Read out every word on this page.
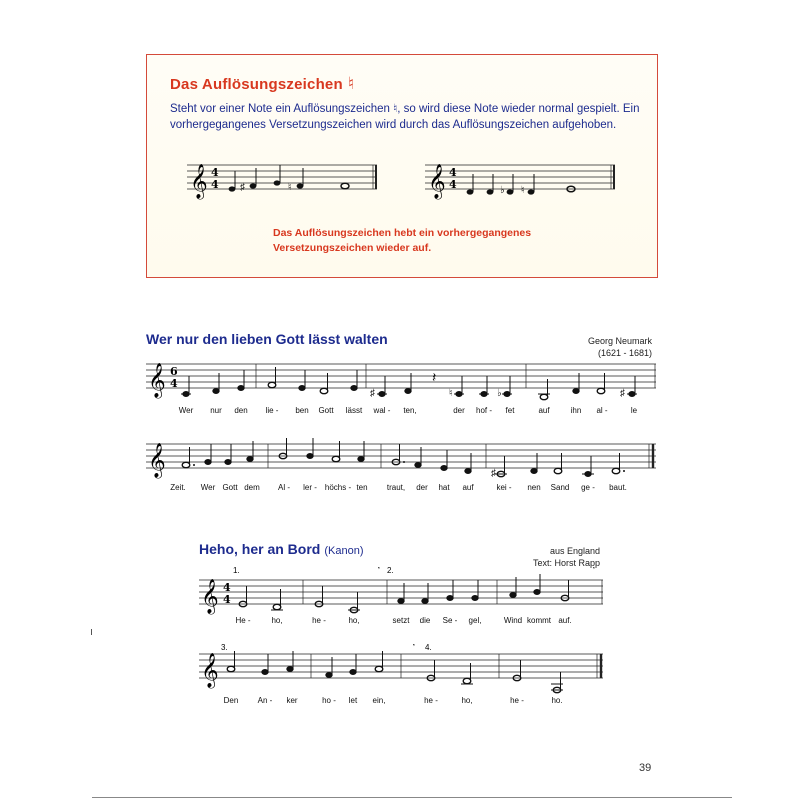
Das Auflösungszeichen ♮
Steht vor einer Note ein Auflösungszeichen ♮, so wird diese Note wieder normal gespielt. Ein vorhergegangenes Versetzungszeichen wird durch das Auflösungszeichen aufgehoben.
𝄞 4
4 ♯	♮	𝄞 4
4	♭ ♮
Das Auflösungszeichen hebt ein vorhergegangenes Versetzungszeichen wieder auf.
Wer nur den lieben Gott lässt walten	Georg Neumark
(1621 - 1681)
𝄞 6
4
♯
𝄽
♮	♭	♯
Wer nur den lie - ben Gott lässt wal - ten,	der hof - fet	auf	ihn al -	le
𝄞	♯
Zeit. Wer Gott dem Al - ler - höchs - ten traut, der hat auf	kei - nen Sand ge - baut.
Heho, her an Bord (Kanon)	aus England
Text: Horst Rapp
𝄞 4
4
1.	2.
𝄒	𝄒
He -	ho,	he -	ho,	setzt die Se - gel,	Wind kommt auf.
𝄞
3.	4.
𝄒
Den An - ker	ho - let ein,	he -	ho,	he -	ho.
39
